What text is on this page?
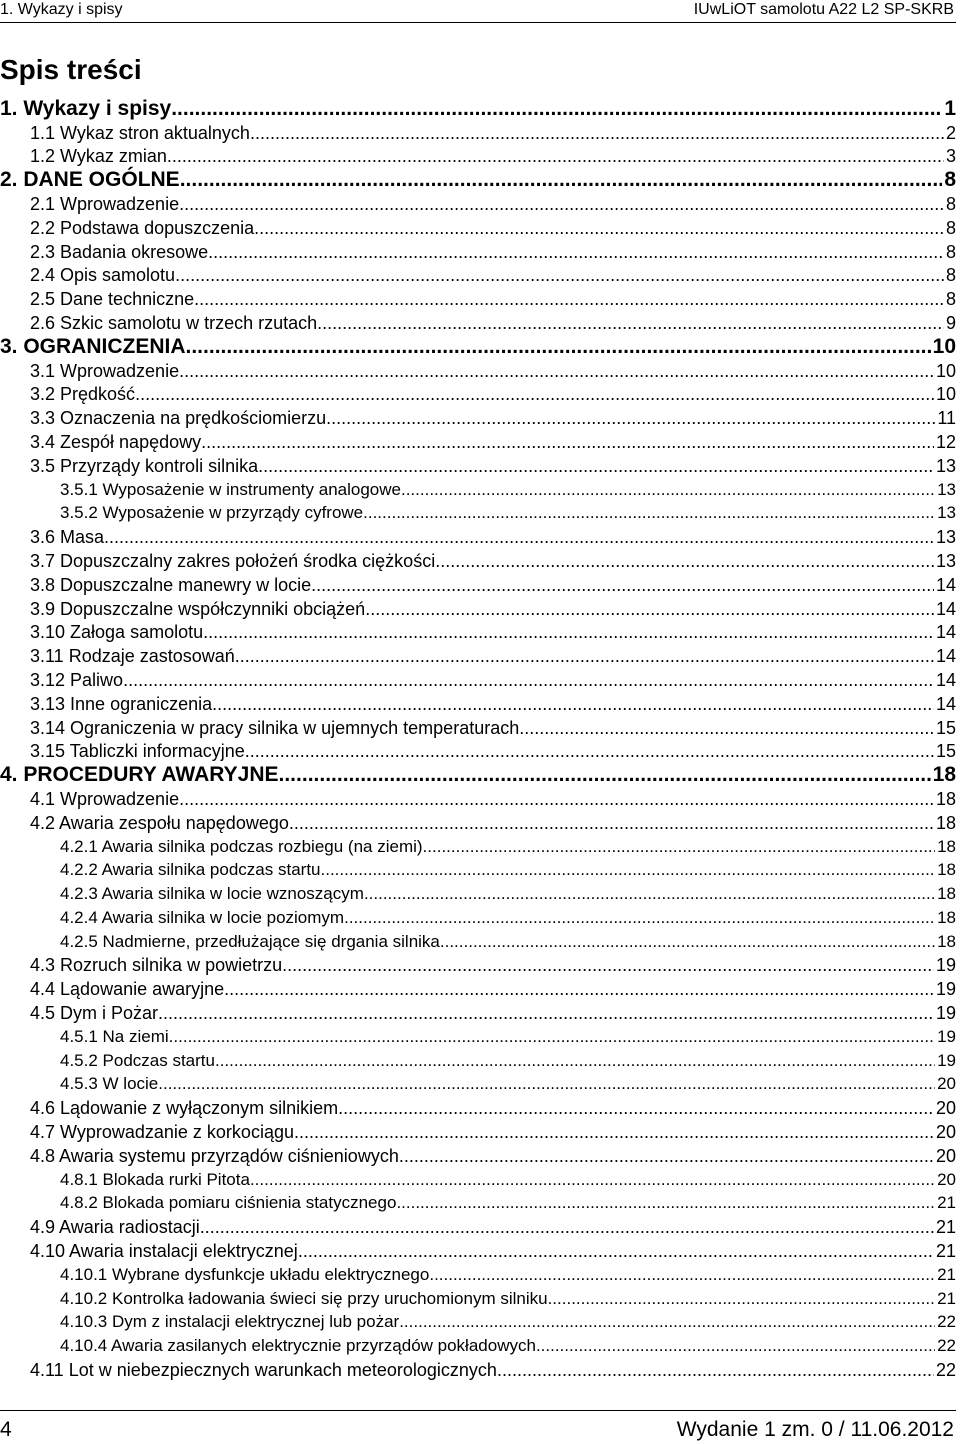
1. Wykazy i spisy	IUwLiOT samolotu A22 L2 SP-SKRB
Spis treści
1. Wykazy i spisy .....	1
1.1 Wykaz stron aktualnych .....	2
1.2 Wykaz zmian .....	3
2. DANE OGÓLNE .....	8
2.1 Wprowadzenie .....	8
2.2 Podstawa dopuszczenia .....	8
2.3 Badania okresowe .....	8
2.4 Opis samolotu .....	8
2.5 Dane techniczne .....	8
2.6 Szkic samolotu w trzech rzutach .....	9
3. OGRANICZENIA .....	10
3.1 Wprowadzenie .....	10
3.2 Prędkość .....	10
3.3 Oznaczenia na prędkościomierzu .....	11
3.4 Zespół napędowy .....	12
3.5 Przyrządy kontroli silnika .....	13
3.5.1 Wyposażenie w instrumenty analogowe .....	13
3.5.2 Wyposażenie w przyrządy cyfrowe .....	13
3.6 Masa .....	13
3.7 Dopuszczalny zakres położeń środka ciężkości .....	13
3.8 Dopuszczalne manewry w locie .....	14
3.9 Dopuszczalne współczynniki obciążeń .....	14
3.10 Załoga samolotu .....	14
3.11 Rodzaje zastosowań .....	14
3.12 Paliwo .....	14
3.13 Inne ograniczenia .....	14
3.14 Ograniczenia w pracy silnika w ujemnych temperaturach .....	15
3.15 Tabliczki informacyjne .....	15
4. PROCEDURY AWARYJNE .....	18
4.1 Wprowadzenie .....	18
4.2 Awaria zespołu napędowego .....	18
4.2.1 Awaria silnika podczas rozbiegu (na ziemi) .....	18
4.2.2 Awaria silnika podczas startu .....	18
4.2.3 Awaria silnika w locie wznoszącym .....	18
4.2.4 Awaria silnika w locie poziomym .....	18
4.2.5 Nadmierne, przedłużające się drgania silnika .....	18
4.3 Rozruch silnika w powietrzu .....	19
4.4 Lądowanie awaryjne .....	19
4.5 Dym i Pożar .....	19
4.5.1 Na ziemi .....	19
4.5.2 Podczas startu .....	19
4.5.3 W locie .....	20
4.6 Lądowanie z wyłączonym silnikiem .....	20
4.7 Wyprowadzanie z korkociągu .....	20
4.8 Awaria systemu przyrządów ciśnieniowych .....	20
4.8.1 Blokada rurki Pitota .....	20
4.8.2 Blokada pomiaru ciśnienia statycznego .....	21
4.9 Awaria radiostacji .....	21
4.10 Awaria instalacji elektrycznej .....	21
4.10.1 Wybrane dysfunkcje układu elektrycznego .....	21
4.10.2 Kontrolka ładowania świeci się przy uruchomionym silniku .....	21
4.10.3 Dym z instalacji elektrycznej lub pożar .....	22
4.10.4 Awaria zasilanych elektrycznie przyrządów pokładowych .....	22
4.11 Lot w niebezpiecznych warunkach meteorologicznych .....	22
4	Wydanie 1 zm. 0 / 11.06.2012
